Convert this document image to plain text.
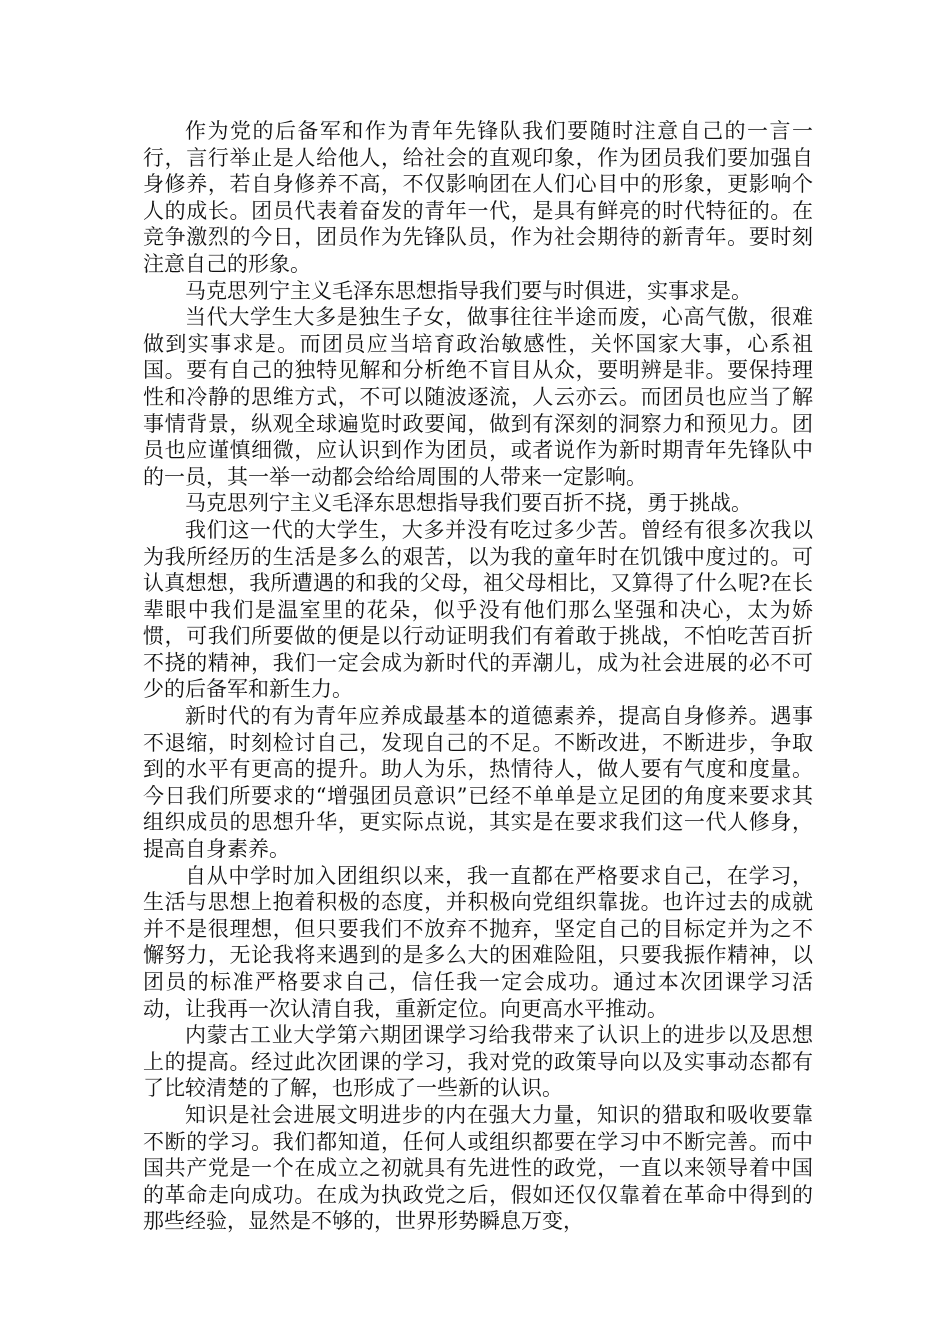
作为党的后备军和作为青年先锋队我们要随时注意自己的一言一行，言行举止是人给他人，给社会的直观印象，作为团员我们要加强自身修养，若自身修养不高，不仅影响团在人们心目中的形象，更影响个人的成长。团员代表着奋发的青年一代，是具有鲜亮的时代特征的。在竞争激烈的今日，团员作为先锋队员，作为社会期待的新青年。要时刻注意自己的形象。

马克思列宁主义毛泽东思想指导我们要与时俱进，实事求是。

当代大学生大多是独生子女，做事往往半途而废，心高气傲，很难做到实事求是。而团员应当培育政治敏感性，关怀国家大事，心系祖国。要有自己的独特见解和分析绝不盲目从众，要明辨是非。要保持理性和冷静的思维方式，不可以随波逐流，人云亦云。而团员也应当了解事情背景，纵观全球遍览时政要闻，做到有深刻的洞察力和预见力。团员也应谨慎细微，应认识到作为团员，或者说作为新时期青年先锋队中的一员，其一举一动都会给给周围的人带来一定影响。

马克思列宁主义毛泽东思想指导我们要百折不挠，勇于挑战。

我们这一代的大学生，大多并没有吃过多少苦。曾经有很多次我以为我所经历的生活是多么的艰苦，以为我的童年时在饥饿中度过的。可认真想想，我所遭遇的和我的父母，祖父母相比，又算得了什么呢?在长辈眼中我们是温室里的花朵，似乎没有他们那么坚强和决心，太为娇惯，可我们所要做的便是以行动证明我们有着敢于挑战，不怕吃苦百折不挠的精神，我们一定会成为新时代的弄潮儿，成为社会进展的必不可少的后备军和新生力。

新时代的有为青年应养成最基本的道德素养，提高自身修养。遇事不退缩，时刻检讨自己，发现自己的不足。不断改进，不断进步，争取到的水平有更高的提升。助人为乐，热情待人，做人要有气度和度量。今日我们所要求的“增强团员意识”已经不单单是立足团的角度来要求其组织成员的思想升华，更实际点说，其实是在要求我们这一代人修身，提高自身素养。

自从中学时加入团组织以来，我一直都在严格要求自己，在学习，生活与思想上抱着积极的态度，并积极向党组织靠拢。也许过去的成就并不是很理想，但只要我们不放弃不抛弃，坚定自己的目标定并为之不懈努力，无论我将来遇到的是多么大的困难险阻，只要我振作精神，以团员的标准严格要求自己，信任我一定会成功。通过本次团课学习活动，让我再一次认清自我，重新定位。向更高水平推动。

内蒙古工业大学第六期团课学习给我带来了认识上的进步以及思想上的提高。经过此次团课的学习，我对党的政策导向以及实事动态都有了比较清楚的了解，也形成了一些新的认识。

知识是社会进展文明进步的内在强大力量，知识的猎取和吸收要靠不断的学习。我们都知道，任何人或组织都要在学习中不断完善。而中国共产党是一个在成立之初就具有先进性的政党，一直以来领导着中国的革命走向成功。在成为执政党之后，假如还仅仅靠着在革命中得到的那些经验，显然是不够的，世界形势瞬息万变，
